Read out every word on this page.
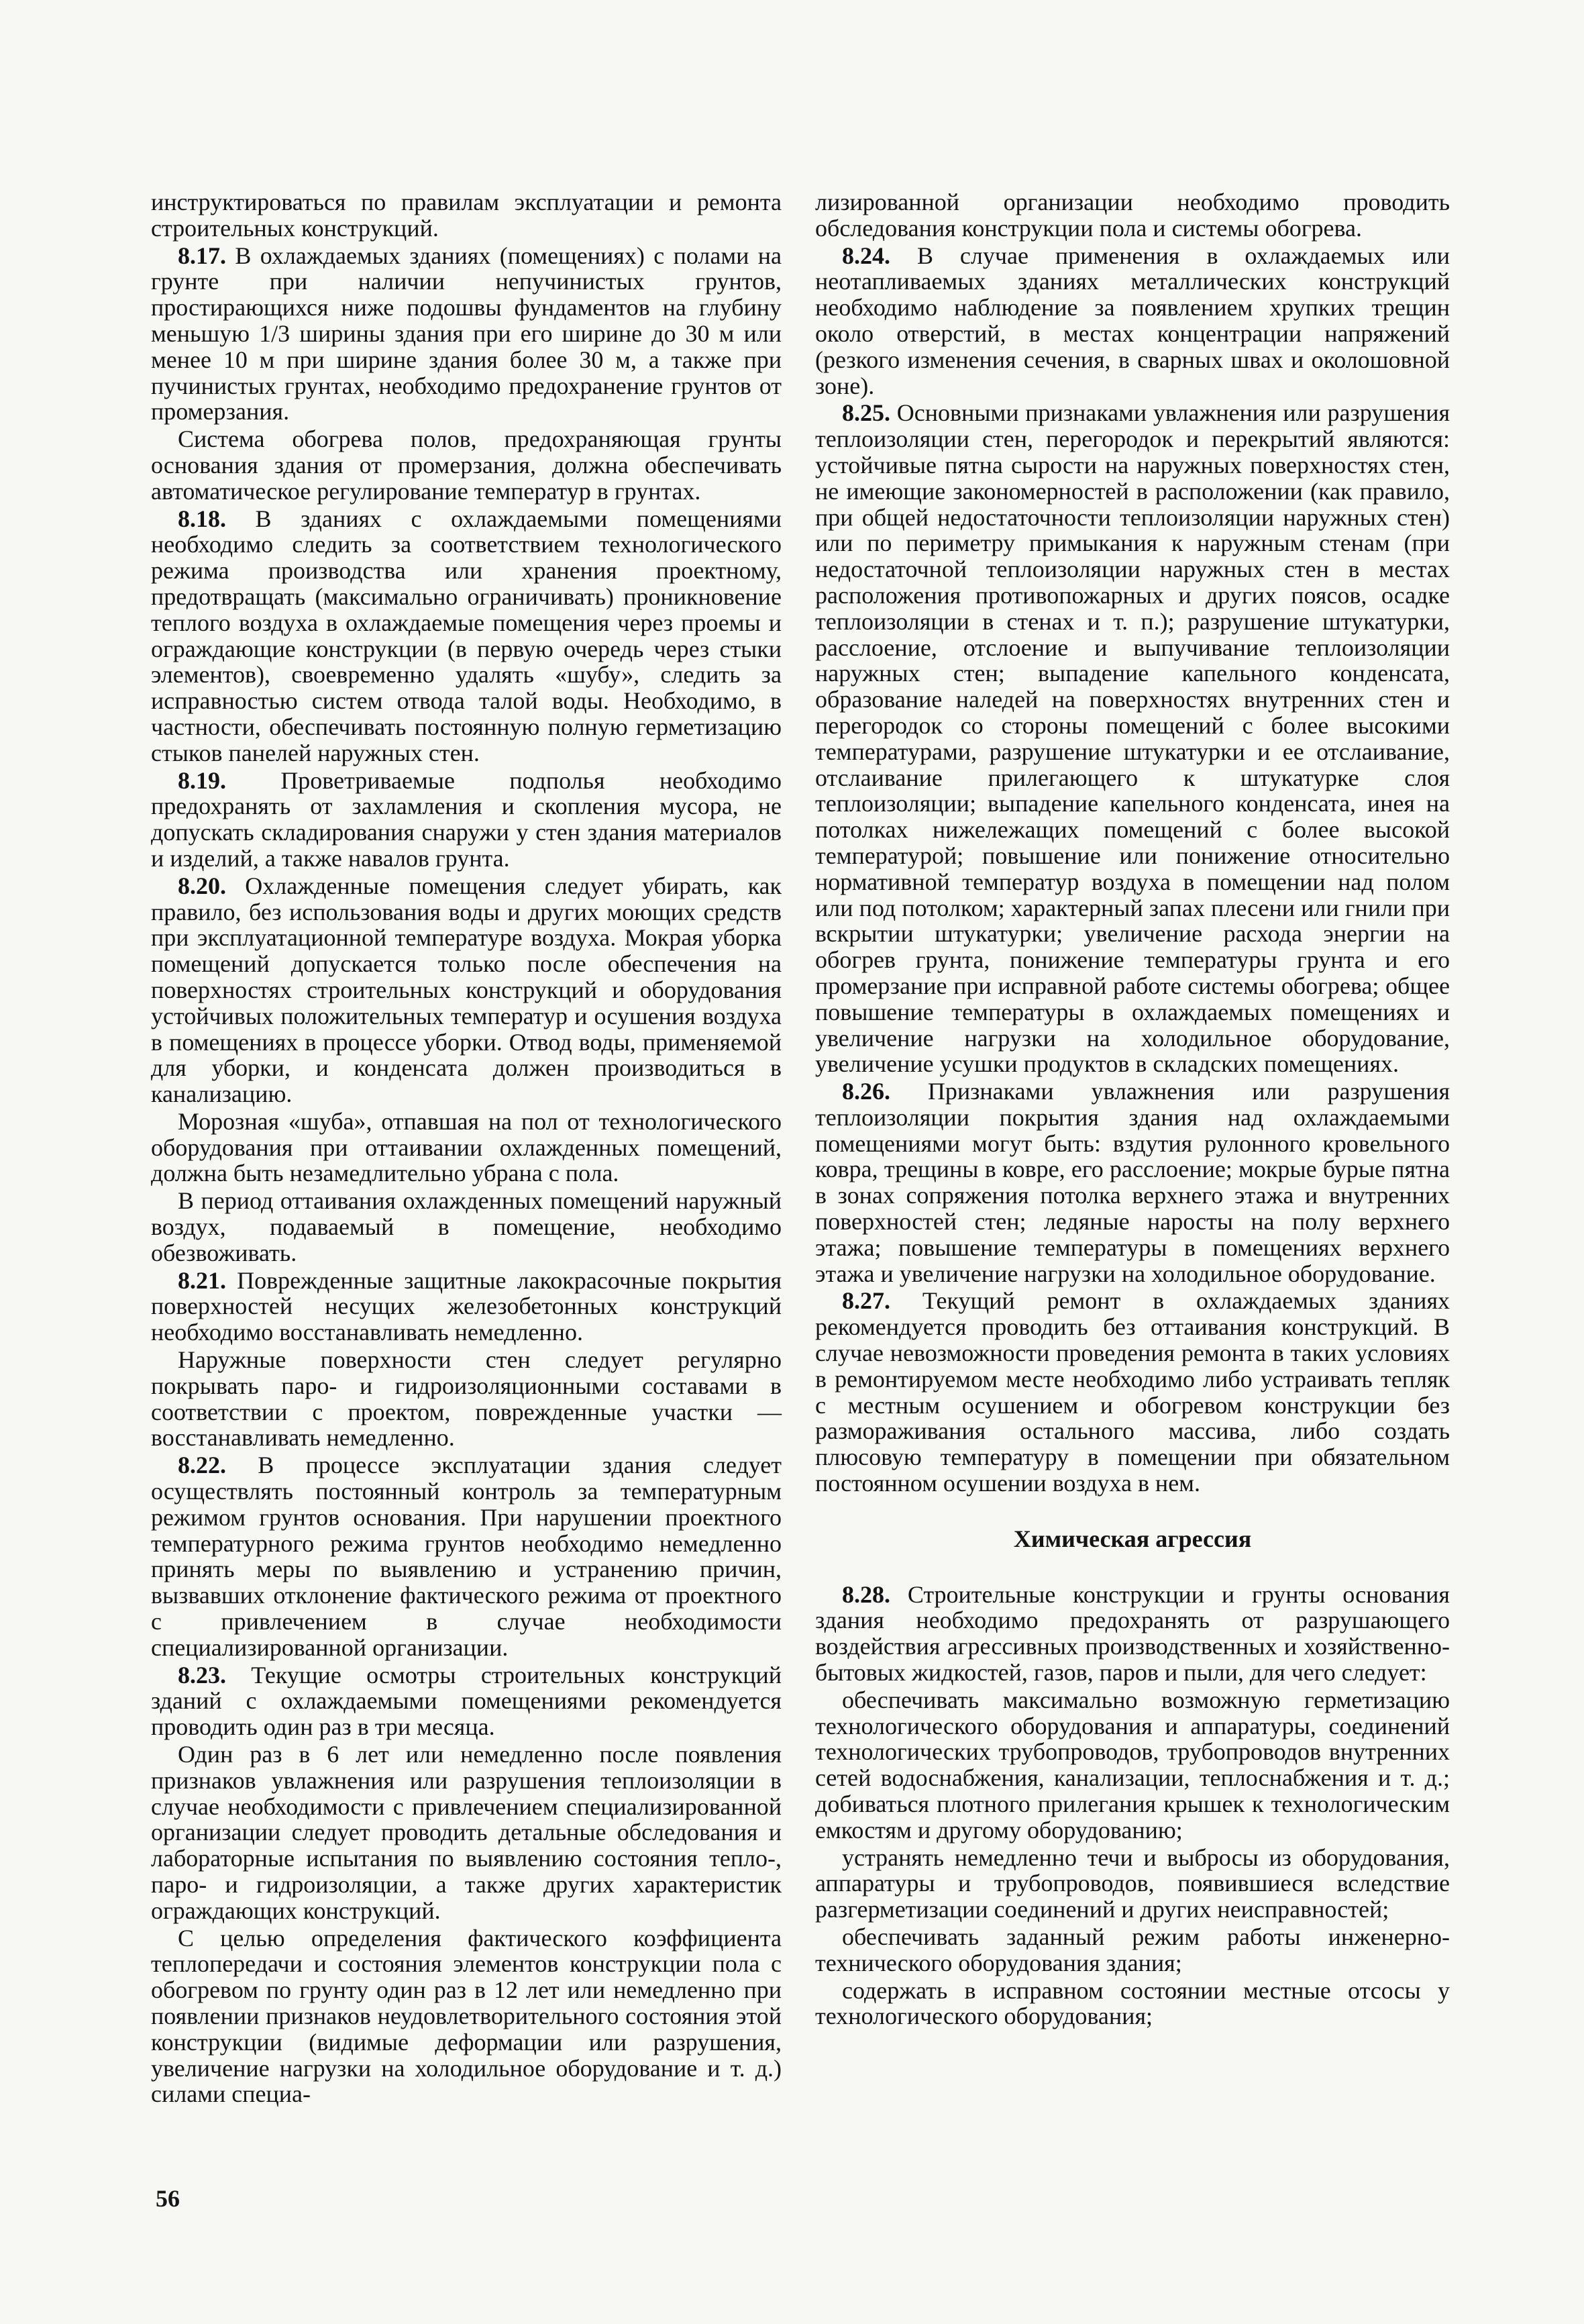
инструктироваться по правилам эксплуатации и ремонта строительных конструкций.

8.17. В охлаждаемых зданиях (помещениях) с полами на грунте при наличии непучинистых грунтов, простирающихся ниже подошвы фундаментов на глубину меньшую 1/3 ширины здания при его ширине до 30 м или менее 10 м при ширине здания более 30 м, а также при пучинистых грунтах, необходимо предохранение грунтов от промерзания.

Система обогрева полов, предохраняющая грунты основания здания от промерзания, должна обеспечивать автоматическое регулирование температур в грунтах.

8.18. В зданиях с охлаждаемыми помещениями необходимо следить за соответствием технологического режима производства или хранения проектному, предотвращать (максимально ограничивать) проникновение теплого воздуха в охлаждаемые помещения через проемы и ограждающие конструкции (в первую очередь через стыки элементов), своевременно удалять «шубу», следить за исправностью систем отвода талой воды. Необходимо, в частности, обеспечивать постоянную полную герметизацию стыков панелей наружных стен.

8.19. Проветриваемые подполья необходимо предохранять от захламления и скопления мусора, не допускать складирования снаружи у стен здания материалов и изделий, а также навалов грунта.

8.20. Охлажденные помещения следует убирать, как правило, без использования воды и других моющих средств при эксплуатационной температуре воздуха. Мокрая уборка помещений допускается только после обеспечения на поверхностях строительных конструкций и оборудования устойчивых положительных температур и осушения воздуха в помещениях в процессе уборки. Отвод воды, применяемой для уборки, и конденсата должен производиться в канализацию.

Морозная «шуба», отпавшая на пол от технологического оборудования при оттаивании охлажденных помещений, должна быть незамедлительно убрана с пола.

В период оттаивания охлажденных помещений наружный воздух, подаваемый в помещение, необходимо обезвоживать.

8.21. Поврежденные защитные лакокрасочные покрытия поверхностей несущих железобетонных конструкций необходимо восстанавливать немедленно.

Наружные поверхности стен следует регулярно покрывать паро- и гидроизоляционными составами в соответствии с проектом, поврежденные участки — восстанавливать немедленно.

8.22. В процессе эксплуатации здания следует осуществлять постоянный контроль за температурным режимом грунтов основания. При нарушении проектного температурного режима грунтов необходимо немедленно принять меры по выявлению и устранению причин, вызвавших отклонение фактического режима от проектного с привлечением в случае необходимости специализированной организации.

8.23. Текущие осмотры строительных конструкций зданий с охлаждаемыми помещениями рекомендуется проводить один раз в три месяца.

Один раз в 6 лет или немедленно после появления признаков увлажнения или разрушения теплоизоляции в случае необходимости с привлечением специализированной организации следует проводить детальные обследования и лабораторные испытания по выявлению состояния тепло-, паро- и гидроизоляции, а также других характеристик ограждающих конструкций.

С целью определения фактического коэффициента теплопередачи и состояния элементов конструкции пола с обогревом по грунту один раз в 12 лет или немедленно при появлении признаков неудовлетворительного состояния этой конструкции (видимые деформации или разрушения, увеличение нагрузки на холодильное оборудование и т. д.) силами специа-

лизированной организации необходимо проводить обследования конструкции пола и системы обогрева.

8.24. В случае применения в охлаждаемых или неотапливаемых зданиях металлических конструкций необходимо наблюдение за появлением хрупких трещин около отверстий, в местах концентрации напряжений (резкого изменения сечения, в сварных швах и околошовной зоне).

8.25. Основными признаками увлажнения или разрушения теплоизоляции стен, перегородок и перекрытий являются: устойчивые пятна сырости на наружных поверхностях стен, не имеющие закономерностей в расположении (как правило, при общей недостаточности теплоизоляции наружных стен) или по периметру примыкания к наружным стенам (при недостаточной теплоизоляции наружных стен в местах расположения противопожарных и других поясов, осадке теплоизоляции в стенах и т. п.); разрушение штукатурки, расслоение, отслоение и выпучивание теплоизоляции наружных стен; выпадение капельного конденсата, образование наледей на поверхностях внутренних стен и перегородок со стороны помещений с более высокими температурами, разрушение штукатурки и ее отслаивание, отслаивание прилегающего к штукатурке слоя теплоизоляции; выпадение капельного конденсата, инея на потолках нижележащих помещений с более высокой температурой; повышение или понижение относительно нормативной температур воздуха в помещении над полом или под потолком; характерный запах плесени или гнили при вскрытии штукатурки; увеличение расхода энергии на обогрев грунта, понижение температуры грунта и его промерзание при исправной работе системы обогрева; общее повышение температуры в охлаждаемых помещениях и увеличение нагрузки на холодильное оборудование, увеличение усушки продуктов в складских помещениях.

8.26. Признаками увлажнения или разрушения теплоизоляции покрытия здания над охлаждаемыми помещениями могут быть: вздутия рулонного кровельного ковра, трещины в ковре, его расслоение; мокрые бурые пятна в зонах сопряжения потолка верхнего этажа и внутренних поверхностей стен; ледяные наросты на полу верхнего этажа; повышение температуры в помещениях верхнего этажа и увеличение нагрузки на холодильное оборудование.

8.27. Текущий ремонт в охлаждаемых зданиях рекомендуется проводить без оттаивания конструкций. В случае невозможности проведения ремонта в таких условиях в ремонтируемом месте необходимо либо устраивать тепляк с местным осушением и обогревом конструкции без размораживания остального массива, либо создать плюсовую температуру в помещении при обязательном постоянном осушении воздуха в нем.

Химическая агрессия

8.28. Строительные конструкции и грунты основания здания необходимо предохранять от разрушающего воздействия агрессивных производственных и хозяйственно-бытовых жидкостей, газов, паров и пыли, для чего следует:

обеспечивать максимально возможную герметизацию технологического оборудования и аппаратуры, соединений технологических трубопроводов, трубопроводов внутренних сетей водоснабжения, канализации, теплоснабжения и т. д.; добиваться плотного прилегания крышек к технологическим емкостям и другому оборудованию;

устранять немедленно течи и выбросы из оборудования, аппаратуры и трубопроводов, появившиеся вследствие разгерметизации соединений и других неисправностей;

обеспечивать заданный режим работы инженерно-технического оборудования здания;

содержать в исправном состоянии местные отсосы у технологического оборудования;

56
